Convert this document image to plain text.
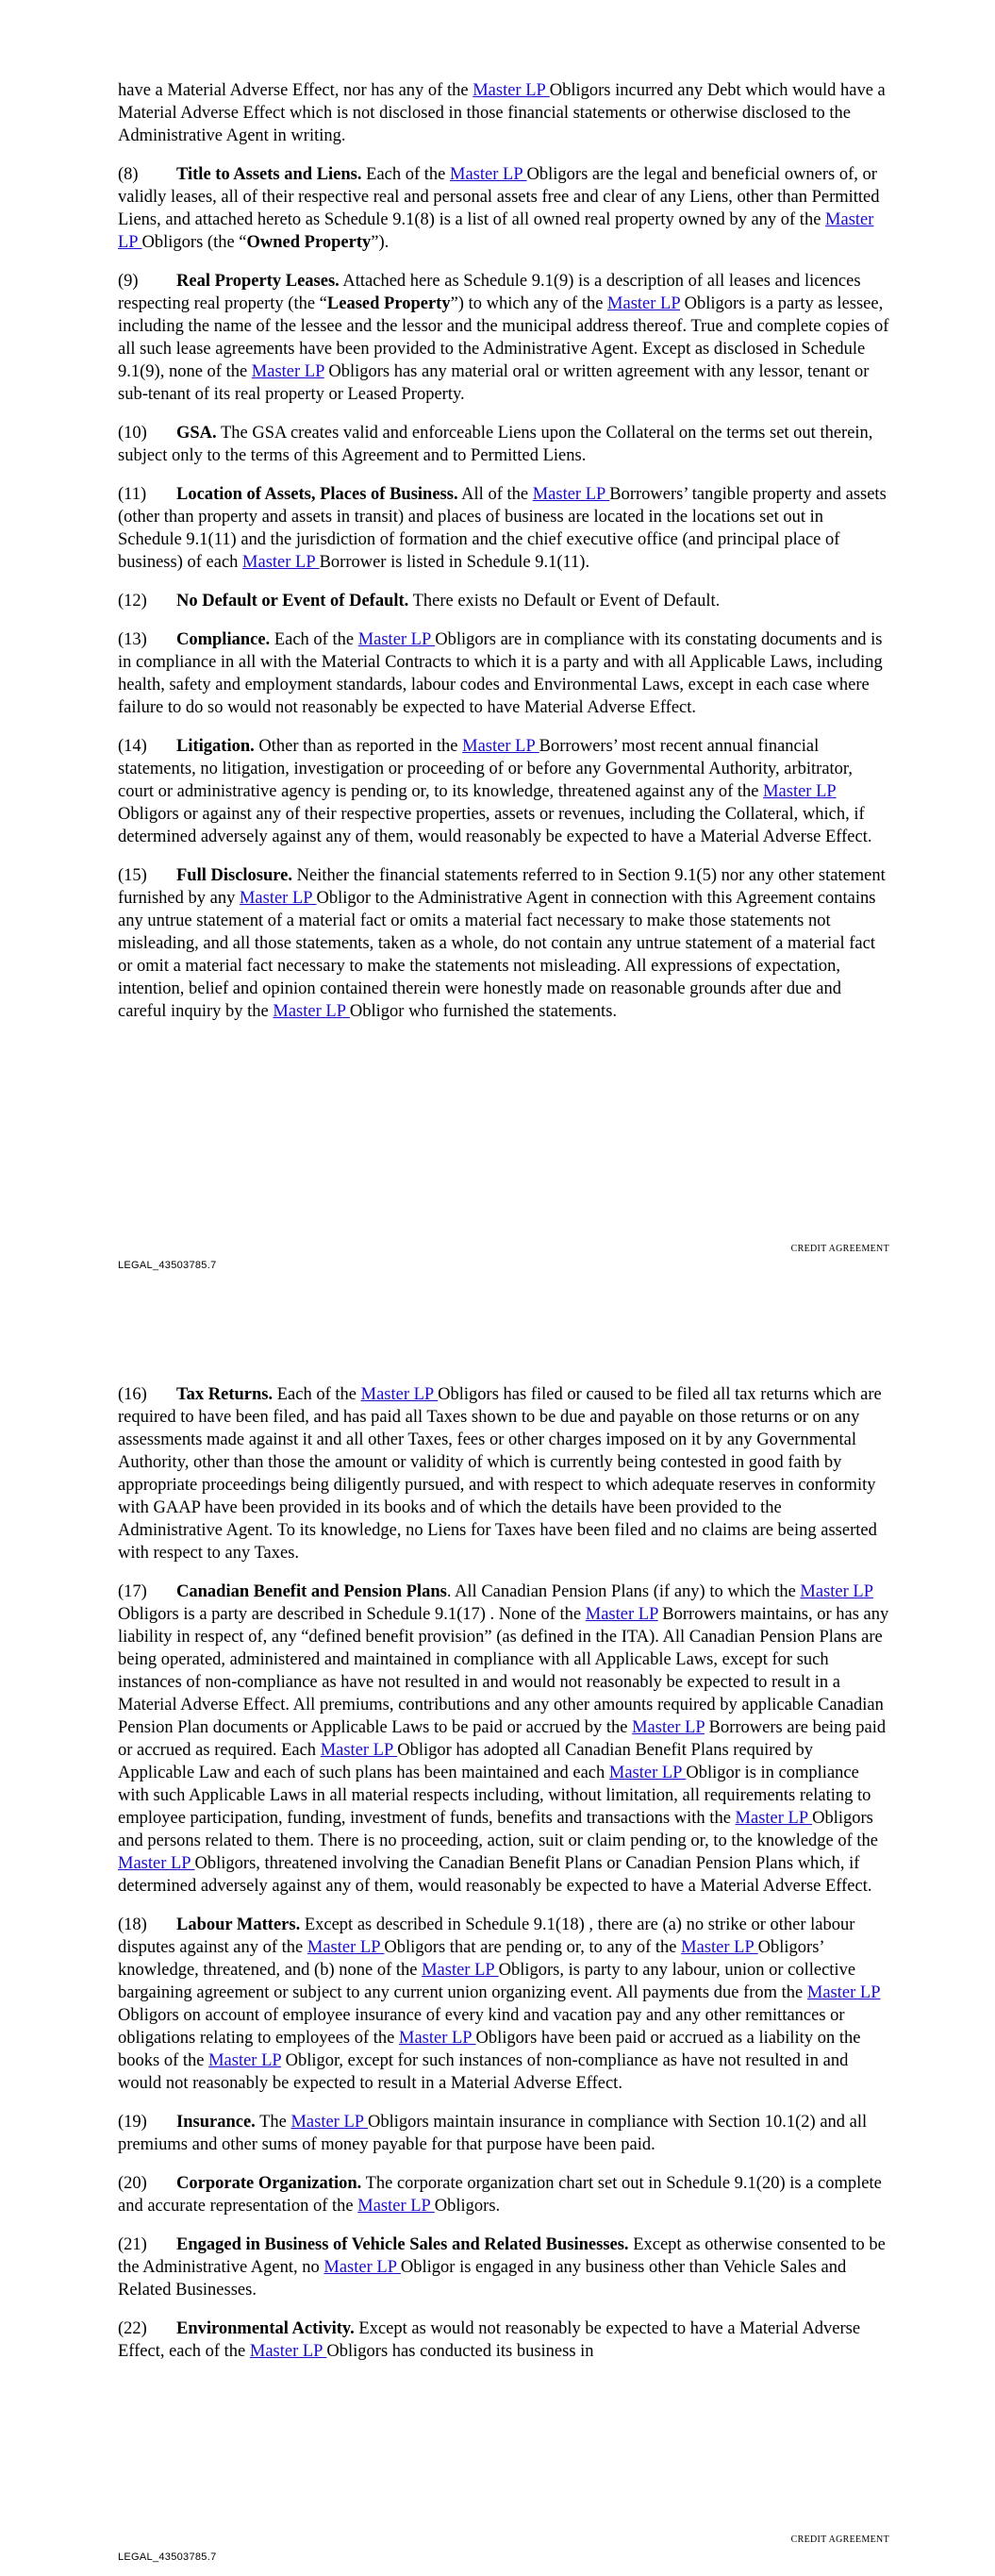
have a Material Adverse Effect, nor has any of the Master LP Obligors incurred any Debt which would have a Material Adverse Effect which is not disclosed in those financial statements or otherwise disclosed to the Administrative Agent in writing.

(8) Title to Assets and Liens. Each of the Master LP Obligors are the legal and beneficial owners of, or validly leases, all of their respective real and personal assets free and clear of any Liens, other than Permitted Liens, and attached hereto as Schedule 9.1(8) is a list of all owned real property owned by any of the Master LP Obligors (the “Owned Property”).

(9) Real Property Leases. Attached here as Schedule 9.1(9) is a description of all leases and licences respecting real property (the “Leased Property”) to which any of the Master LP Obligors is a party as lessee, including the name of the lessee and the lessor and the municipal address thereof. True and complete copies of all such lease agreements have been provided to the Administrative Agent. Except as disclosed in Schedule 9.1(9), none of the Master LP Obligors has any material oral or written agreement with any lessor, tenant or sub-tenant of its real property or Leased Property.

(10) GSA. The GSA creates valid and enforceable Liens upon the Collateral on the terms set out therein, subject only to the terms of this Agreement and to Permitted Liens.

(11) Location of Assets, Places of Business. All of the Master LP Borrowers’ tangible property and assets (other than property and assets in transit) and places of business are located in the locations set out in Schedule 9.1(11) and the jurisdiction of formation and the chief executive office (and principal place of business) of each Master LP Borrower is listed in Schedule 9.1(11).

(12) No Default or Event of Default. There exists no Default or Event of Default.

(13) Compliance. Each of the Master LP Obligors are in compliance with its constating documents and is in compliance in all with the Material Contracts to which it is a party and with all Applicable Laws, including health, safety and employment standards, labour codes and Environmental Laws, except in each case where failure to do so would not reasonably be expected to have Material Adverse Effect.

(14) Litigation. Other than as reported in the Master LP Borrowers’ most recent annual financial statements, no litigation, investigation or proceeding of or before any Governmental Authority, arbitrator, court or administrative agency is pending or, to its knowledge, threatened against any of the Master LP Obligors or against any of their respective properties, assets or revenues, including the Collateral, which, if determined adversely against any of them, would reasonably be expected to have a Material Adverse Effect.

(15) Full Disclosure. Neither the financial statements referred to in Section 9.1(5) nor any other statement furnished by any Master LP Obligor to the Administrative Agent in connection with this Agreement contains any untrue statement of a material fact or omits a material fact necessary to make those statements not misleading, and all those statements, taken as a whole, do not contain any untrue statement of a material fact or omit a material fact necessary to make the statements not misleading. All expressions of expectation, intention, belief and opinion contained therein were honestly made on reasonable grounds after due and careful inquiry by the Master LP Obligor who furnished the statements.

CREDIT AGREEMENT
LEGAL_43503785.7
CREDIT AGREEMENT
LEGAL_43503785.7

(16) Tax Returns. Each of the Master LP Obligors has filed or caused to be filed all tax returns which are required to have been filed, and has paid all Taxes shown to be due and payable on those returns or on any assessments made against it and all other Taxes, fees or other charges imposed on it by any Governmental Authority, other than those the amount or validity of which is currently being contested in good faith by appropriate proceedings being diligently pursued, and with respect to which adequate reserves in conformity with GAAP have been provided in its books and of which the details have been provided to the Administrative Agent. To its knowledge, no Liens for Taxes have been filed and no claims are being asserted with respect to any Taxes.

(17) Canadian Benefit and Pension Plans. All Canadian Pension Plans (if any) to which the Master LP Obligors is a party are described in Schedule 9.1(17) . None of the Master LP Borrowers maintains, or has any liability in respect of, any “defined benefit provision” (as defined in the ITA). All Canadian Pension Plans are being operated, administered and maintained in compliance with all Applicable Laws, except for such instances of non-compliance as have not resulted in and would not reasonably be expected to result in a Material Adverse Effect. All premiums, contributions and any other amounts required by applicable Canadian Pension Plan documents or Applicable Laws to be paid or accrued by the Master LP Borrowers are being paid or accrued as required. Each Master LP Obligor has adopted all Canadian Benefit Plans required by Applicable Law and each of such plans has been maintained and each Master LP Obligor is in compliance with such Applicable Laws in all material respects including, without limitation, all requirements relating to employee participation, funding, investment of funds, benefits and transactions with the Master LP Obligors and persons related to them. There is no proceeding, action, suit or claim pending or, to the knowledge of the Master LP Obligors, threatened involving the Canadian Benefit Plans or Canadian Pension Plans which, if determined adversely against any of them, would reasonably be expected to have a Material Adverse Effect.

(18) Labour Matters. Except as described in Schedule 9.1(18) , there are (a) no strike or other labour disputes against any of the Master LP Obligors that are pending or, to any of the Master LP Obligors’ knowledge, threatened, and (b) none of the Master LP Obligors, is party to any labour, union or collective bargaining agreement or subject to any current union organizing event. All payments due from the Master LP Obligors on account of employee insurance of every kind and vacation pay and any other remittances or obligations relating to employees of the Master LP Obligors have been paid or accrued as a liability on the books of the Master LP Obligor, except for such instances of non-compliance as have not resulted in and would not reasonably be expected to result in a Material Adverse Effect.

(19) Insurance. The Master LP Obligors maintain insurance in compliance with Section 10.1(2) and all premiums and other sums of money payable for that purpose have been paid.

(20) Corporate Organization. The corporate organization chart set out in Schedule 9.1(20) is a complete and accurate representation of the Master LP Obligors.

(21) Engaged in Business of Vehicle Sales and Related Businesses. Except as otherwise consented to be the Administrative Agent, no Master LP Obligor is engaged in any business other than Vehicle Sales and Related Businesses.

(22) Environmental Activity. Except as would not reasonably be expected to have a Material Adverse Effect, each of the Master LP Obligors has conducted its business in
